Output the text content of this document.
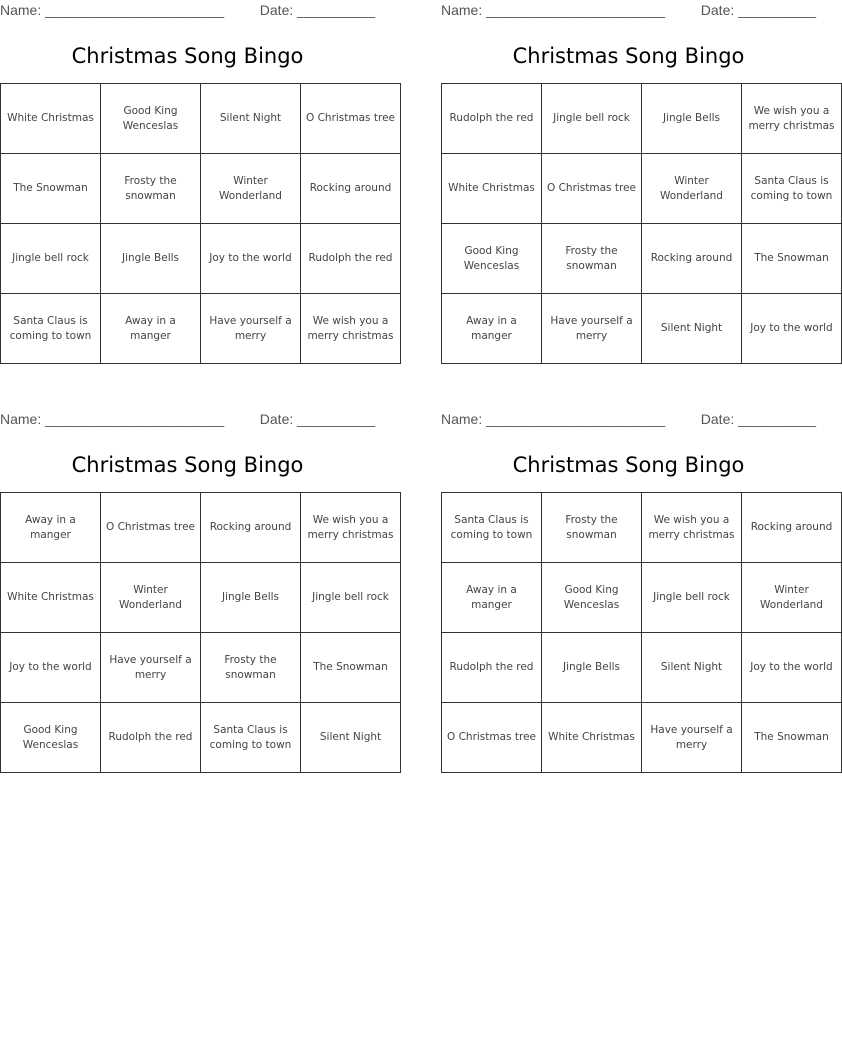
Name: _______________________	Date: __________
Christmas Song Bingo
White Christmas	Good King Wenceslas	Silent Night	O Christmas tree
The Snowman	Frosty the snowman	Winter Wonderland	Rocking around
Jingle bell rock	Jingle Bells	Joy to the world	Rudolph the red
Santa Claus is coming to town	Away in a manger	Have yourself a merry	We wish you a merry christmas
Name: _______________________	Date: __________
Christmas Song Bingo
Rudolph the red	Jingle bell rock	Jingle Bells	We wish you a merry christmas
White Christmas	O Christmas tree	Winter Wonderland	Santa Claus is coming to town
Good King Wenceslas	Frosty the snowman	Rocking around	The Snowman
Away in a manger	Have yourself a merry	Silent Night	Joy to the world
Name: _______________________	Date: __________
Christmas Song Bingo
Away in a manger	O Christmas tree	Rocking around	We wish you a merry christmas
White Christmas	Winter Wonderland	Jingle Bells	Jingle bell rock
Joy to the world	Have yourself a merry	Frosty the snowman	The Snowman
Good King Wenceslas	Rudolph the red	Santa Claus is coming to town	Silent Night
Name: _______________________	Date: __________
Christmas Song Bingo
Santa Claus is coming to town	Frosty the snowman	We wish you a merry christmas	Rocking around
Away in a manger	Good King Wenceslas	Jingle bell rock	Winter Wonderland
Rudolph the red	Jingle Bells	Silent Night	Joy to the world
O Christmas tree	White Christmas	Have yourself a merry	The Snowman
